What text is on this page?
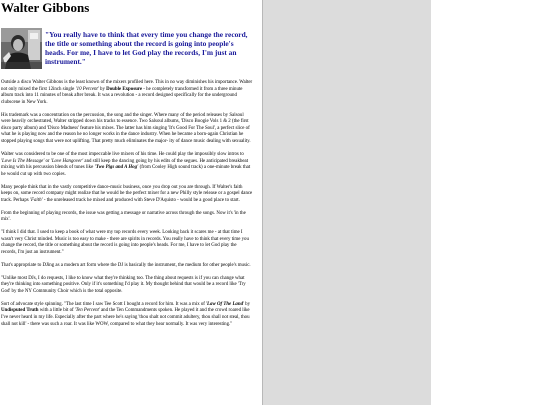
Walter Gibbons
"You really have to think that every time you change the record, the title or something about the record is going into people's heads. For me, I have to let God play the records, I'm just an instrument."

Outside a disco Walter Gibbons is the least known of the mixers profiled here. This in no way diminishes his importance. Walter not only mixed the first 12inch single '10 Percent' by Double Exposure - he completely transformed it from a three minute album track into 11 minutes of break after break. It was a revolution - a record designed specifically for the underground clubscene in New York.

His trademark was a concentration on the percussion, the song and the singer. Where many of the period releases by Salsoul were heavily orchestrated, Walter stripped down his tracks to essence. Two Salsoul albums, 'Disco Boogie Vols 1 & 2 (the first disco party album) and 'Disco Madness' feature his mixes. The latter has him singing 'It's Good For The Soul', a perfect slice of what he is playing now and the reason he no longer works in the dance industry. When he became a born-again Christian he stopped playing songs that were not uplifting. That pretty much eliminates the major- ity of dance music dealing with sexuality.

Walter was considered to be one of the most impeccable live mixers of his time. He could play the impossibly slow intros to 'Love Is The Message' or 'Love Hangover' and still keep the dancing going by his edits of the segues. He anticipated breakbeat mixing with his percussion blends of tunes like 'Two Pigs and A Hog' (from Cooley High sound track) a one-minute break that he would cut up with two copies.

Many people think that in the vastly competitive dance-music business, once you drop out you are through. If Walter's faith keeps on, some record company might realize that he would be the perfect mixer for a new Philly style release or a gospel dance track. Perhaps 'Faith' - the unreleased track he mixed and produced with Steve D'Aquisto - would be a good place to start.

From the beginning of playing records, the issue was getting a message or narrative across through the songs. Now it's 'in the mix'.

"I think I did that. I used to keep a book of what were my top records every week. Looking back it scares me - at that time I wasn't very Christ minded. Music is too easy to make - there are spirits in records. You really have to think that every time you change the record, the title or something about the record is going into people's heads. For me, I have to let God play the records, I'm just an instrument."

That's appropriate to DJing as a modern art form where the DJ is basically the instrument, the medium for other people's music.

"Unlike most DJs, I do requests, I like to know what they're thinking too. The thing about requests is if you can change what they're thinking into something positive. Only if it's something I'd play it. My thought behind that would be a record like 'Try God' by the NY Community Choir which is the total opposite.

Sort of advocate style spinning. "The last time I saw Tee Scott I bought a record for him. It was a mix of 'Law Of The Land' by Undisputed Truth with a little bit of 'Ten Percent' and the Ten Commandments spoken. He played it and the crowd roared like I've never heard in my life. Especially after the part where he's saying 'thou shalt not commit adultery, thou shall not steal, thou shall not kill' - there was such a roar. It was like WOW, compared to what they hear normally. It was very interesting."
